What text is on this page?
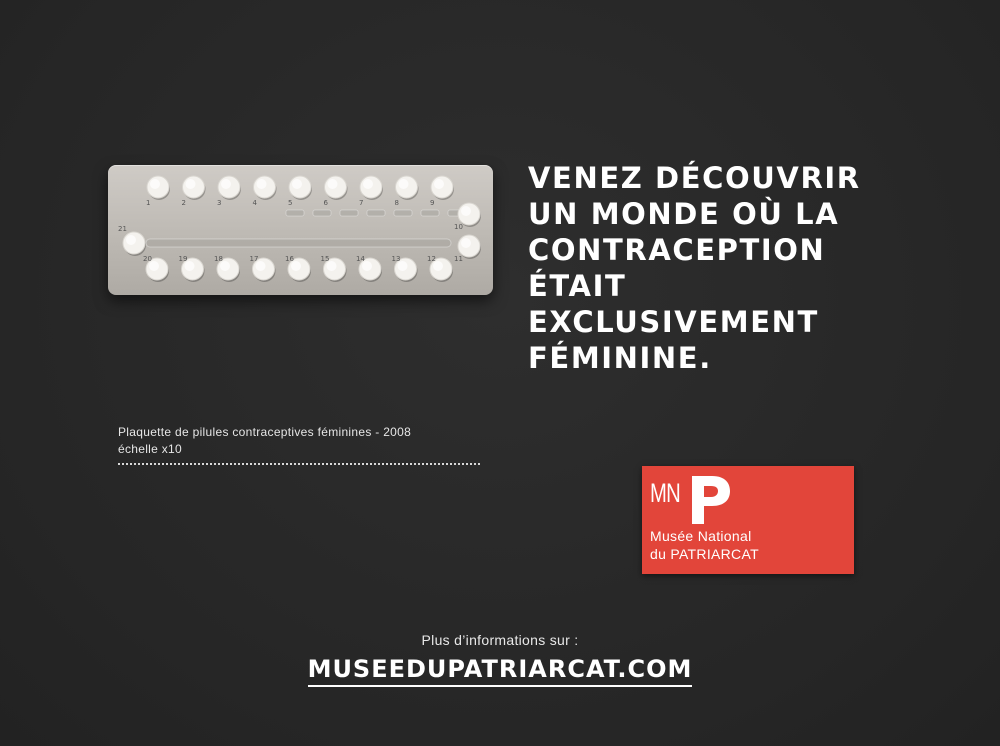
1	2	3	4	5	6	7	8	9
10
11
12
13
14
15
16
17
18
19
20
21
VENEZ DÉCOUVRIR
UN MONDE OÙ LA
CONTRACEPTION
ÉTAIT
EXCLUSIVEMENT
FÉMININE.
Plaquette de pilules contraceptives féminines - 2008
échelle x10
MN
Musée National
du PATRIARCAT
Plus d’informations sur :
MUSEEDUPATRIARCAT.COM
